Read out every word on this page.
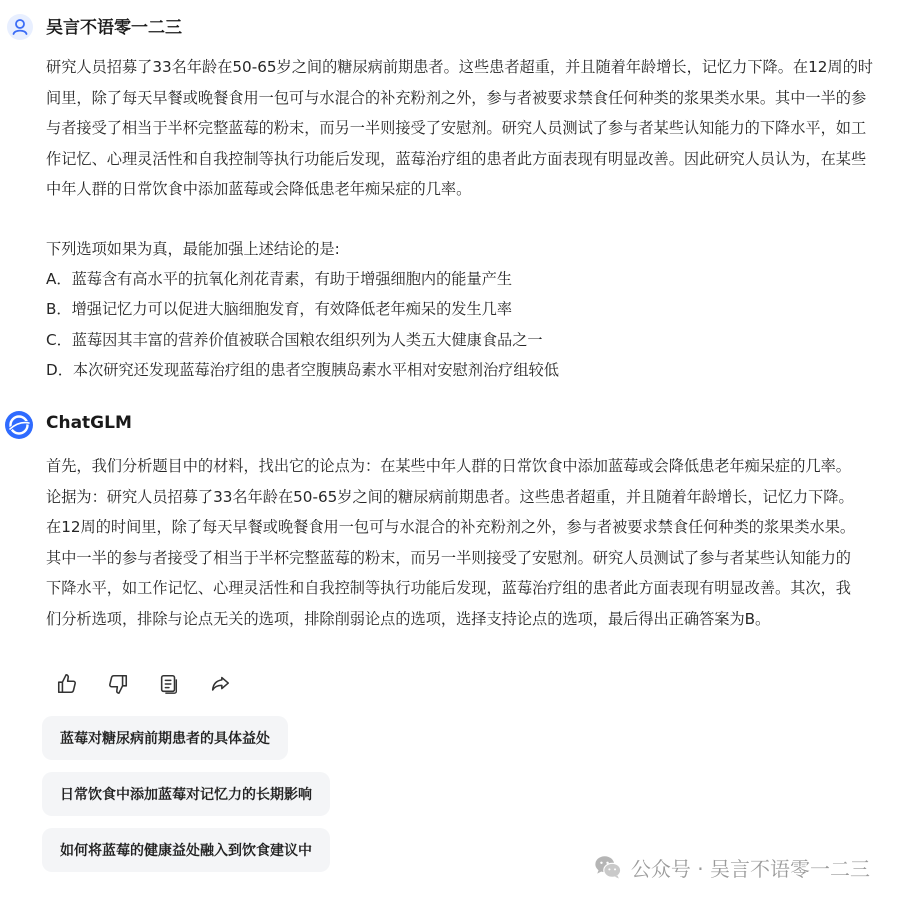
吴言不语零一二三

研究人员招募了33名年龄在50-65岁之间的糖尿病前期患者。这些患者超重，并且随着年龄增长，记忆力下降。在12周的时间里，除了每天早餐或晚餐食用一包可与水混合的补充粉剂之外，参与者被要求禁食任何种类的浆果类水果。其中一半的参与者接受了相当于半杯完整蓝莓的粉末，而另一半则接受了安慰剂。研究人员测试了参与者某些认知能力的下降水平，如工作记忆、心理灵活性和自我控制等执行功能后发现，蓝莓治疗组的患者此方面表现有明显改善。因此研究人员认为，在某些中年人群的日常饮食中添加蓝莓或会降低患老年痴呆症的几率。

下列选项如果为真，最能加强上述结论的是:
A．蓝莓含有高水平的抗氧化剂花青素，有助于增强细胞内的能量产生
B．增强记忆力可以促进大脑细胞发育，有效降低老年痴呆的发生几率
C．蓝莓因其丰富的营养价值被联合国粮农组织列为人类五大健康食品之一
D．本次研究还发现蓝莓治疗组的患者空腹胰岛素水平相对安慰剂治疗组较低
ChatGLM

首先，我们分析题目中的材料，找出它的论点为：在某些中年人群的日常饮食中添加蓝莓或会降低患老年痴呆症的几率。论据为：研究人员招募了33名年龄在50-65岁之间的糖尿病前期患者。这些患者超重，并且随着年龄增长，记忆力下降。在12周的时间里，除了每天早餐或晚餐食用一包可与水混合的补充粉剂之外，参与者被要求禁食任何种类的浆果类水果。其中一半的参与者接受了相当于半杯完整蓝莓的粉末，而另一半则接受了安慰剂。研究人员测试了参与者某些认知能力的下降水平，如工作记忆、心理灵活性和自我控制等执行功能后发现，蓝莓治疗组的患者此方面表现有明显改善。其次，我们分析选项，排除与论点无关的选项，排除削弱论点的选项，选择支持论点的选项，最后得出正确答案为B。

蓝莓对糖尿病前期患者的具体益处
日常饮食中添加蓝莓对记忆力的长期影响
如何将蓝莓的健康益处融入到饮食建议中
公众号 · 吴言不语零一二三
